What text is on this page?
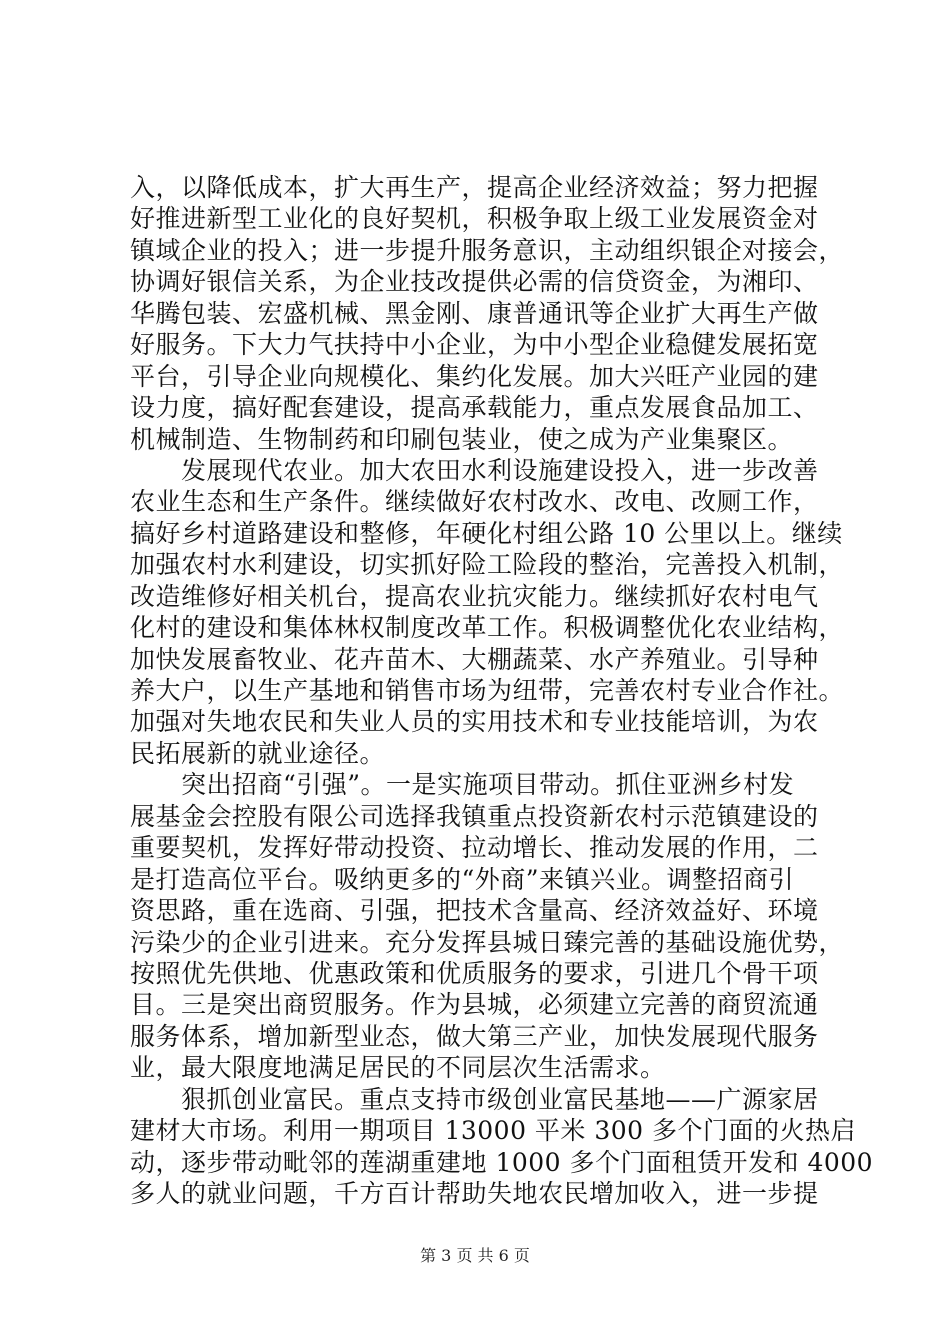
入，以降低成本，扩大再生产，提高企业经济效益；努力把握
好推进新型工业化的良好契机，积极争取上级工业发展资金对
镇域企业的投入；进一步提升服务意识，主动组织银企对接会，
协调好银信关系，为企业技改提供必需的信贷资金，为湘印、
华腾包装、宏盛机械、黑金刚、康普通讯等企业扩大再生产做
好服务。下大力气扶持中小企业，为中小型企业稳健发展拓宽
平台，引导企业向规模化、集约化发展。加大兴旺产业园的建
设力度，搞好配套建设，提高承载能力，重点发展食品加工、
机械制造、生物制药和印刷包装业，使之成为产业集聚区。
　　发展现代农业。加大农田水利设施建设投入，进一步改善
农业生态和生产条件。继续做好农村改水、改电、改厕工作，
搞好乡村道路建设和整修，年硬化村组公路 10 公里以上。继续
加强农村水利建设，切实抓好险工险段的整治，完善投入机制，
改造维修好相关机台，提高农业抗灾能力。继续抓好农村电气
化村的建设和集体林权制度改革工作。积极调整优化农业结构，
加快发展畜牧业、花卉苗木、大棚蔬菜、水产养殖业。引导种
养大户，以生产基地和销售市场为纽带，完善农村专业合作社。
加强对失地农民和失业人员的实用技术和专业技能培训，为农
民拓展新的就业途径。
　　突出招商“引强”。一是实施项目带动。抓住亚洲乡村发
展基金会控股有限公司选择我镇重点投资新农村示范镇建设的
重要契机，发挥好带动投资、拉动增长、推动发展的作用，二
是打造高位平台。吸纳更多的“外商”来镇兴业。调整招商引
资思路，重在选商、引强，把技术含量高、经济效益好、环境
污染少的企业引进来。充分发挥县城日臻完善的基础设施优势，
按照优先供地、优惠政策和优质服务的要求，引进几个骨干项
目。三是突出商贸服务。作为县城，必须建立完善的商贸流通
服务体系，增加新型业态，做大第三产业，加快发展现代服务
业，最大限度地满足居民的不同层次生活需求。
　　狠抓创业富民。重点支持市级创业富民基地——广源家居
建材大市场。利用一期项目 13000 平米 300 多个门面的火热启
动，逐步带动毗邻的莲湖重建地 1000 多个门面租赁开发和 4000
多人的就业问题，千方百计帮助失地农民增加收入，进一步提
第 3 页 共 6 页
